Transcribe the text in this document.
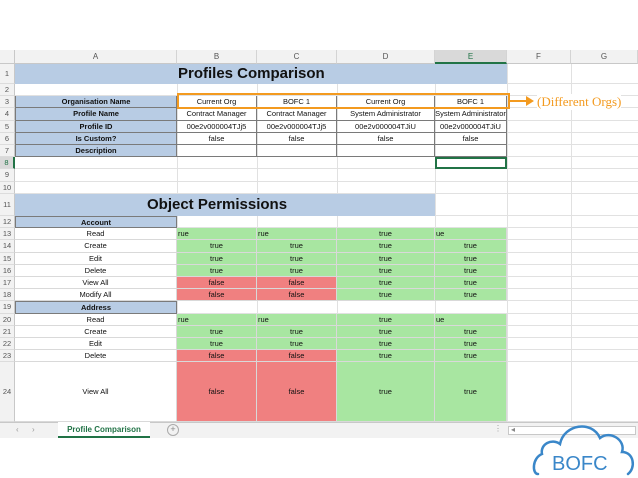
A	B	C	D	E	F	G
1
2
3
4
5
6
7
8
9
10
11
12
13
14
15
16
17
18
19
20
21
22
23
24
Organisation Name	Current Org	BOFC 1	Current Org	BOFC 1
Profile Name	Contract Manager	Contract Manager	System Administrator	System Administrator
Profile ID	00e2v000004TJj5	00e2v000004TJj5	00e2v000004TJiU	00e2v000004TJiU
Is Custom?	false	false	false	false
Description
Account
Read	rue	rue	true	ue
Create	true	true	true	true
Edit	true	true	true	true
Delete	true	true	true	true
View All	false	false	true	true
Modify All	false	false	true	true
Address
Read	rue	rue	true	ue
Create	true	true	true	true
Edit	true	true	true	true
Delete	false	false	true	true
View All	false	false	true	true
Profiles Comparison
Object Permissions
(Different Orgs)
‹ ›	Profile Comparison	+	⋮ ◂
BOFC
